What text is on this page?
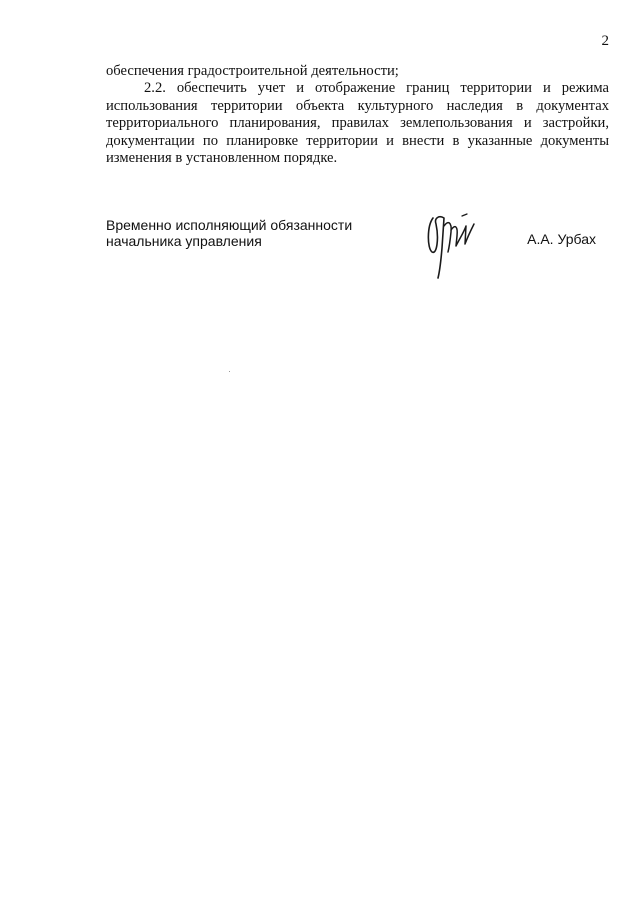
2

обеспечения градостроительной деятельности;

2.2. обеспечить учет и отображение границ территории и режима использования территории объекта культурного наследия в документах территориального планирования, правилах землепользования и застройки, документации по планировке территории и внести в указанные документы изменения в установленном порядке.

Временно исполняющий обязанности
начальника управления	А.А. Урбах
